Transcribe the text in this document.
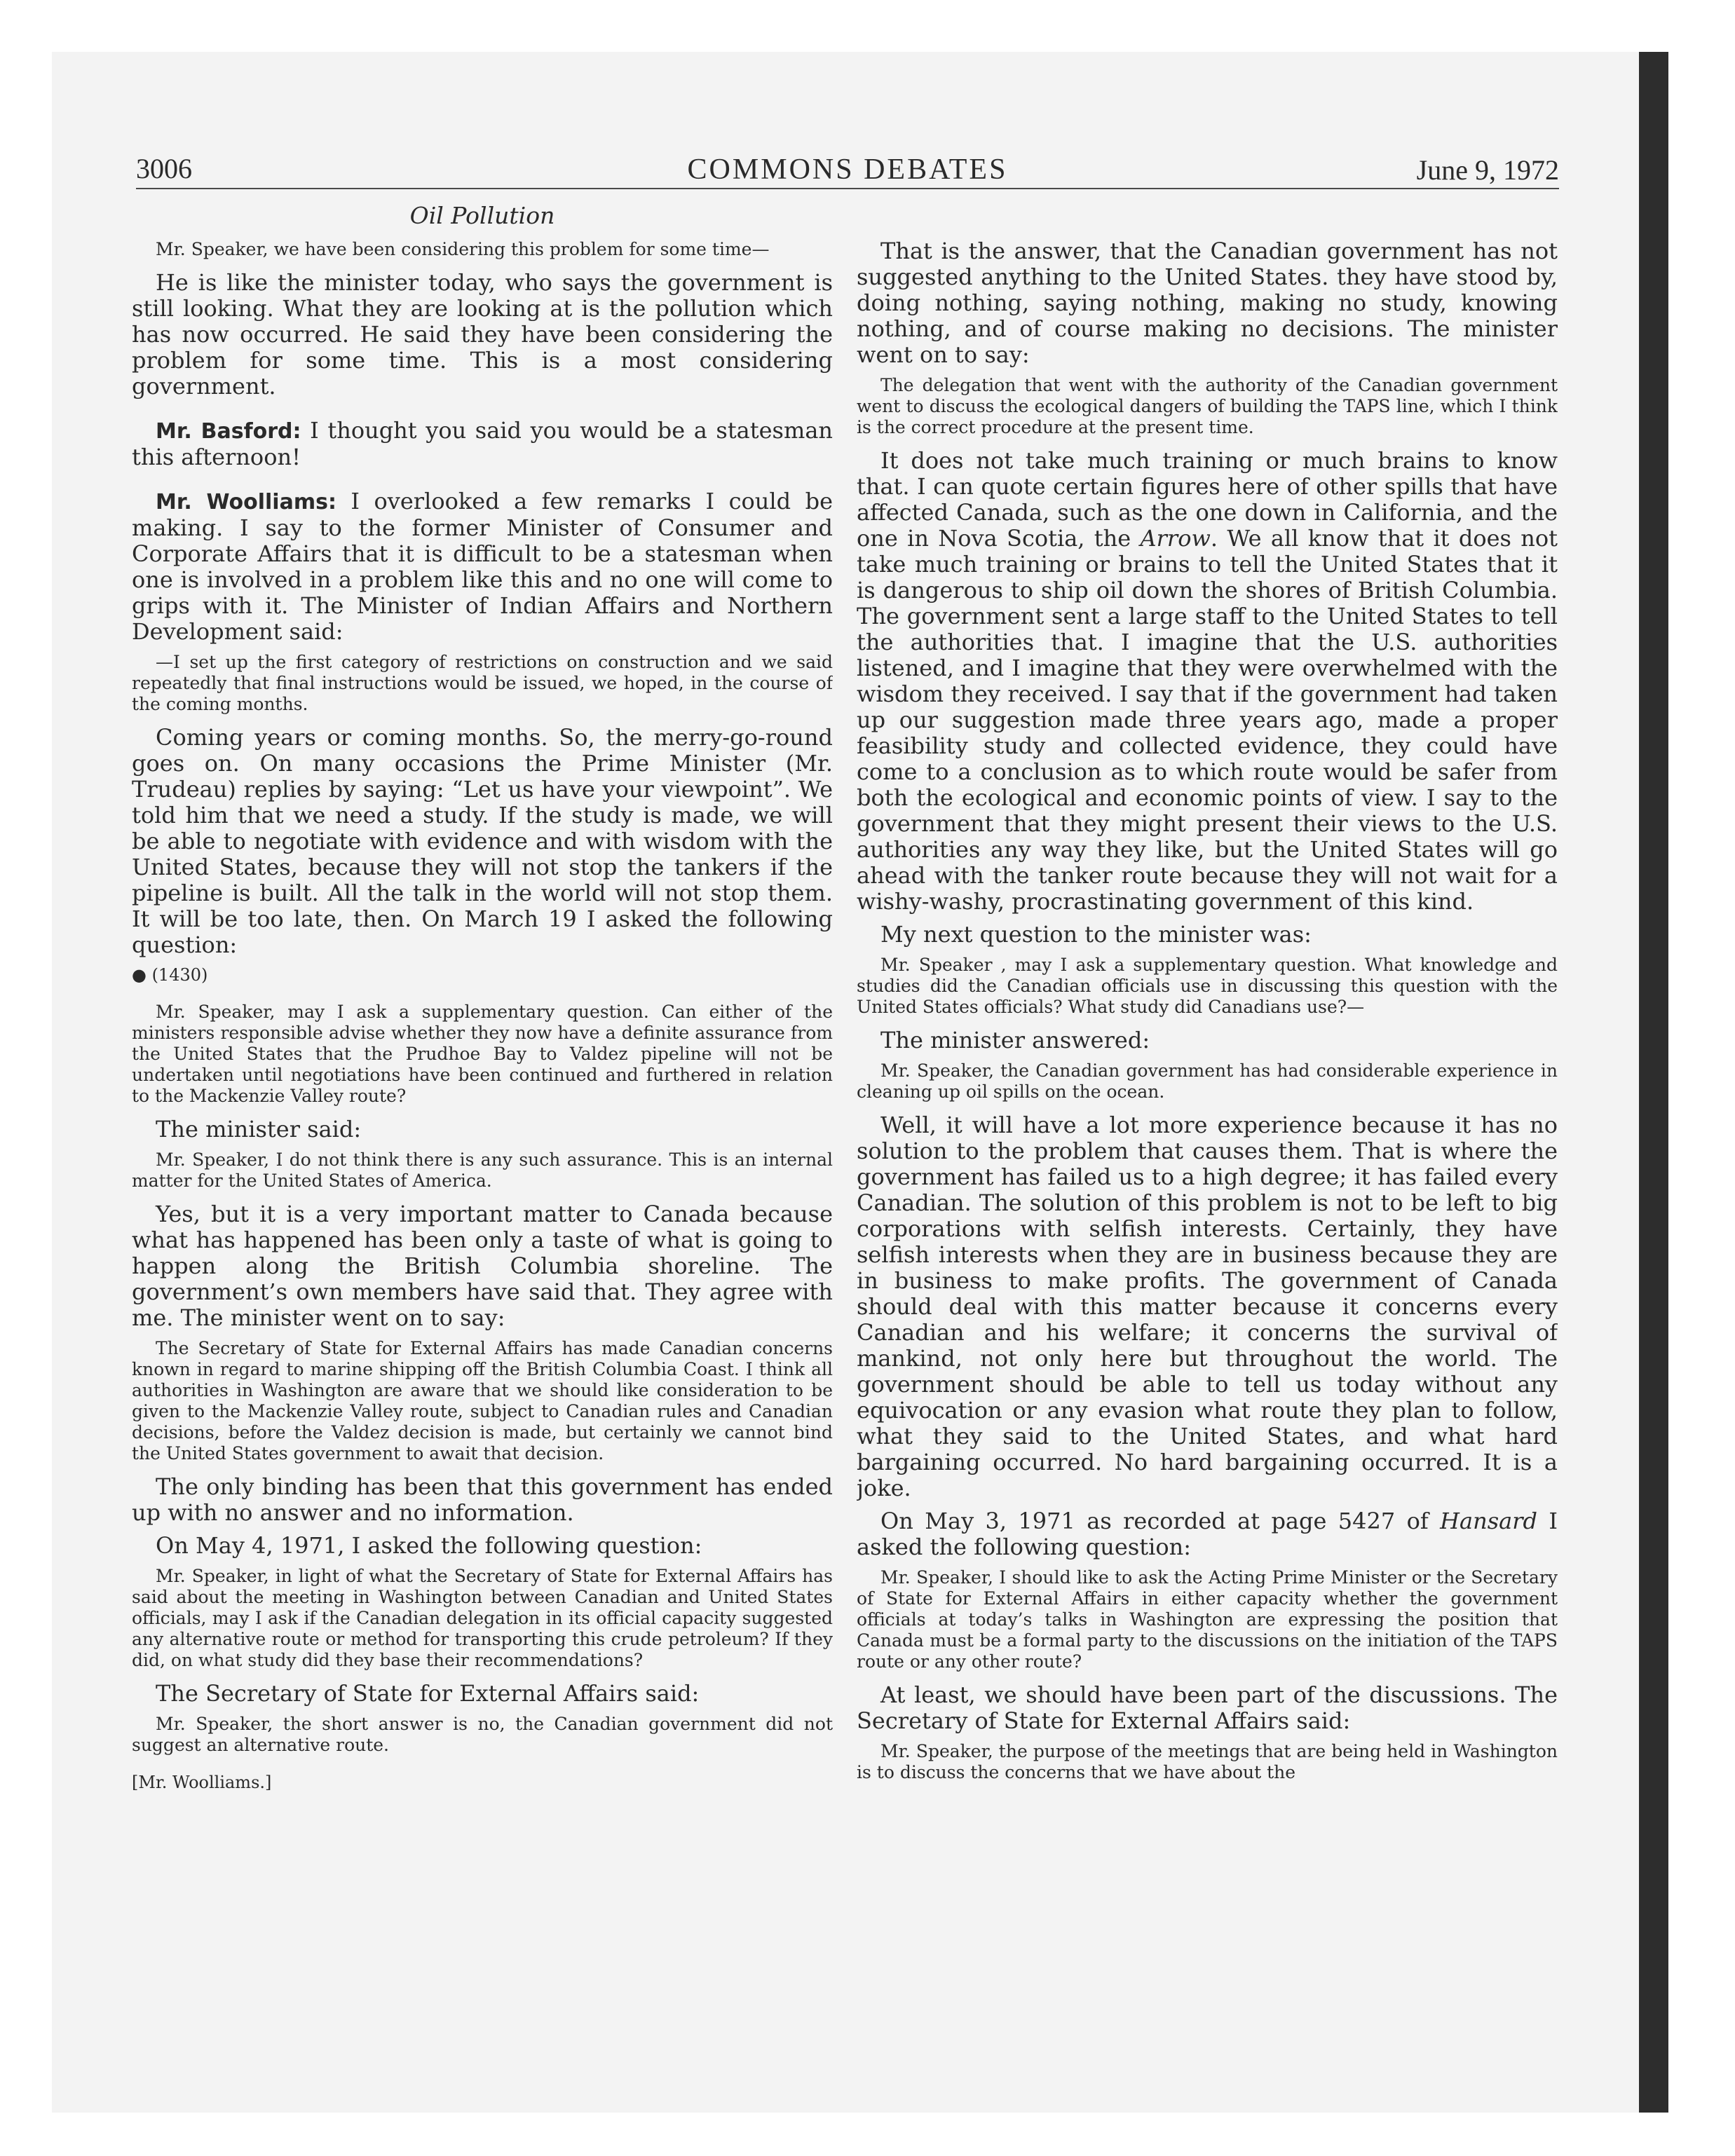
3006	COMMONS DEBATES	June 9, 1972
Oil Pollution

Mr. Speaker, we have been considering this problem for some time—

He is like the minister today, who says the government is still looking. What they are looking at is the pollution which has now occurred. He said they have been considering the problem for some time. This is a most considering government.

Mr. Basford: I thought you said you would be a statesman this afternoon!

Mr. Woolliams: I overlooked a few remarks I could be making. I say to the former Minister of Consumer and Corporate Affairs that it is difficult to be a statesman when one is involved in a problem like this and no one will come to grips with it. The Minister of Indian Affairs and Northern Development said:

—I set up the first category of restrictions on construction and we said repeatedly that final instructions would be issued, we hoped, in the course of the coming months.

Coming years or coming months. So, the merry-go-round goes on. On many occasions the Prime Minister (Mr. Trudeau) replies by saying: “Let us have your viewpoint”. We told him that we need a study. If the study is made, we will be able to negotiate with evidence and with wisdom with the United States, because they will not stop the tankers if the pipeline is built. All the talk in the world will not stop them. It will be too late, then. On March 19 I asked the following question:

● (1430)

Mr. Speaker, may I ask a supplementary question. Can either of the ministers responsible advise whether they now have a definite assurance from the United States that the Prudhoe Bay to Valdez pipeline will not be undertaken until negotiations have been continued and furthered in relation to the Mackenzie Valley route?

The minister said:

Mr. Speaker, I do not think there is any such assurance. This is an internal matter for the United States of America.

Yes, but it is a very important matter to Canada because what has happened has been only a taste of what is going to happen along the British Columbia shoreline. The government’s own members have said that. They agree with me. The minister went on to say:

The Secretary of State for External Affairs has made Canadian concerns known in regard to marine shipping off the British Columbia Coast. I think all authorities in Washington are aware that we should like consideration to be given to the Mackenzie Valley route, subject to Canadian rules and Canadian decisions, before the Valdez decision is made, but certainly we cannot bind the United States government to await that decision.

The only binding has been that this government has ended up with no answer and no information.

On May 4, 1971, I asked the following question:

Mr. Speaker, in light of what the Secretary of State for External Affairs has said about the meeting in Washington between Canadian and United States officials, may I ask if the Canadian delegation in its official capacity suggested any alternative route or method for transporting this crude petroleum? If they did, on what study did they base their recommendations?

The Secretary of State for External Affairs said:

Mr. Speaker, the short answer is no, the Canadian government did not suggest an alternative route.

[Mr. Woolliams.]

That is the answer, that the Canadian government has not suggested anything to the United States. they have stood by, doing nothing, saying nothing, making no study, knowing nothing, and of course making no decisions. The minister went on to say:

The delegation that went with the authority of the Canadian government went to discuss the ecological dangers of building the TAPS line, which I think is the correct procedure at the present time.

It does not take much training or much brains to know that. I can quote certain figures here of other spills that have affected Canada, such as the one down in California, and the one in Nova Scotia, the Arrow. We all know that it does not take much training or brains to tell the United States that it is dangerous to ship oil down the shores of British Columbia. The government sent a large staff to the United States to tell the authorities that. I imagine that the U.S. authorities listened, and I imagine that they were overwhelmed with the wisdom they received. I say that if the government had taken up our suggestion made three years ago, made a proper feasibility study and collected evidence, they could have come to a conclusion as to which route would be safer from both the ecological and economic points of view. I say to the government that they might present their views to the U.S. authorities any way they like, but the United States will go ahead with the tanker route because they will not wait for a wishy-washy, procrastinating government of this kind.

My next question to the minister was:

Mr. Speaker , may I ask a supplementary question. What knowledge and studies did the Canadian officials use in discussing this question with the United States officials? What study did Canadians use?—

The minister answered:

Mr. Speaker, the Canadian government has had considerable experience in cleaning up oil spills on the ocean.

Well, it will have a lot more experience because it has no solution to the problem that causes them. That is where the government has failed us to a high degree; it has failed every Canadian. The solution of this problem is not to be left to big corporations with selfish interests. Certainly, they have selfish interests when they are in business because they are in business to make profits. The government of Canada should deal with this matter because it concerns every Canadian and his welfare; it concerns the survival of mankind, not only here but throughout the world. The government should be able to tell us today without any equivocation or any evasion what route they plan to follow, what they said to the United States, and what hard bargaining occurred. No hard bargaining occurred. It is a joke.

On May 3, 1971 as recorded at page 5427 of Hansard I asked the following question:

Mr. Speaker, I should like to ask the Acting Prime Minister or the Secretary of State for External Affairs in either capacity whether the government officials at today’s talks in Washington are expressing the position that Canada must be a formal party to the discussions on the initiation of the TAPS route or any other route?

At least, we should have been part of the discussions. The Secretary of State for External Affairs said:

Mr. Speaker, the purpose of the meetings that are being held in Washington is to discuss the concerns that we have about the
